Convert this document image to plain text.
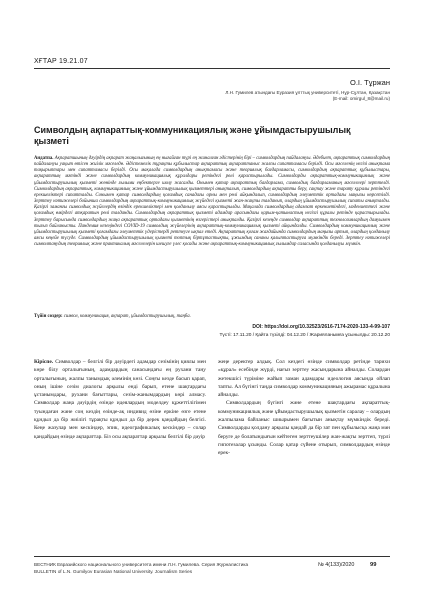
ХҒТАР 19.21.07
О.І. Тұржан
Л.Н. Гумилев атындағы Еуразия ұлттық университеті, Нұр-Сұлтан, Қазақстан
(E-mail: omirgul_8@mail.ru)
Символдың ақпараттық-коммуникациялық және ұйымдастырушылық қызметі
Андатпа. Ақпаратшының дәуірдің ақпарат жаңалығының ең нығайған түрі ең жиналған әдістерінің бірі – символдардың пайдалануы. Әдебиет, ақпараттық символдардың пайдалануы уақыт өтісен жиілік мәселедө. Әдістемелік тұрақты құбылыстар ақпараттық ақпараттаныс жалпы сипаттамасы берілді. Осы мәселенің негізі анықтама тақырыптары мен сипаттамасы берілді. Осы мақалада символдардың анықтамасы және теориялық бағдарламасы, символдардың ақпараттық құбылыстары, ақпараттың мәтінді және символдардың коммуникациялық құралдары ретіндегі рөлі қарастырылады. Символдарды ақпараттық-коммуникациялық және ұйымдастырушылық қызметі жөнінде ғылыми еңбектерге шолу жасалды. Онымен қатар ақпараттық бағдарлама, символдық бағдарламаның мәселелері зерттелді. Символдардың ақпараттық, коммуникациялық және ұйымдастырушылық қызметтері анықталып, символдардың ақпаратты беру, сақтау және тарату құралы ретіндегі ерекшеліктері сипатталды. Сонымен қатар символдардың қоғамдық санадағы орны мен рөлі айқындалып, символдардың әлеуметтік ортадағы маңызы көрсетілді. Зерттеу нәтижелері бойынша символдардың ақпараттық-коммуникациялық жүйедегі қызметі жан-жақты талданып, олардың ұйымдастырушылық сипаты анықталды. Қазіргі заманғы символдық жүйелердің өзіндік ерекшеліктері мен қолданылу аясы қарастырылды. Мақалада символдардың адамзат өркениетіндегі, мәдениеттегі және қоғамдық өмірдегі атқаратын рөлі талданды. Символдардың ақпараттық қызметі адамдар арасындағы қарым-қатынастың негізгі құралы ретінде қарастырылады. Зерттеу барысында символдардың жаңа ақпараттық ортадағы қызметінің өзгерістері анықталды. Қазіргі кезеңде символдар ақпараттық технологиялардың дамуымен тығыз байланысты. Пандемия кезеңіндегі COVID-19 символдық жүйелерінің ақпараттық-коммуникациялық қызметі айқындалды. Символдардың коммуникациялық және ұйымдастырушылық қызметі қоғамдағы әлеуметтік үдерістерді реттеуге ықпал етеді. Ақпараттық қоғам жағдайында символдардың маңызы артып, олардың қолданылу аясы кеңейе түсуде. Символдардың ұйымдастырушылық қызметі топтық біртұтастықты, ұжымдық сананы қалыптастыруға мүмкіндік береді. Зерттеу нәтижелері символтанудың теориялық және практикалық мәселелерін шешуге үлес қосады және ақпараттық-коммуникациялық ғылымдар саласында қолданылуы мүмкін.
Түйін сөздер: символ, коммуникация, ақпарат, ұйымдастырушылық, таңба.
DOI: https://doi.org/10.32523/2616-7174-2020-133-4-99-107
Түсті: 17.11.20 / Қайта түзілді: 04.12.20 / Жарияланымға ұсынылды: 20.12.20

Кіріспе. Символдар – белгілі бір дәуірдегі адамдар сезімінің қиялы мен көре білу орталығының, адамдардың санасындағы ең рухани таңу орталығының, жалпы танымдық әлемінің көзі. Соңғы кезде басып қарап, оның ішіне сезім диалогы арқылы енді барып, етене шақтардағы ұстанымдары, рухани бағыттары, сезім-жанымдардың көрі алмасу. Символдар жаңа дәуірдің өзінде идеялардың моделдеу құжеттілігімен туындаған және соң кездің өзінде-ақ индивид өзіне еркіне өзге етене құндыл да бір жиілігі тұрақты құндыл да бір дерек қандайдың белгісі. Кеңе жазулар мен кескіндер, эпик, идеографикалық кескіндер – солар қандайдың өзінде ақпараттар. Біз осы ақпараттар арқылы белгілі бір дәуір

жеңе деректер алдық. Сол кездегі өзінде символдар ретінде тарихи «құрал» есебінде жүрді, нағыз зерттеу жасындарына айналды. Солардан жетекшісі түріміне жайып заман адамдары идеология аясында ойлап тапты. Ал бүгінгі таңда символдар коммуникацияның ажырамас құралына айналды.

Символдардың бүгінгі және етене шақтардағы ақпараттық-коммуникациялық және ұйымдастырушылық қызметін саралау – олардың жалпылама байланыс шиырымен бағытын анықтау мүмкіндік береді. Символдарды қолдану арқылы қандай да бір зат пен құбылысқа жаңа мән беруге де болатындығын кейтеген зерттеушілер жан-жақты зерттеп, түрлі гипотезалар ұсынды. Солар қатар сүйене отырып, символдардың өзінде ерек-

ВЕСТНИК Евразийского национального университета имени Л.Н. Гумилева. Серия Журналистика
BULLETIN of L.N. Gumilyov Eurasian National University. Journalism Series
№ 4(133)/2020	99
